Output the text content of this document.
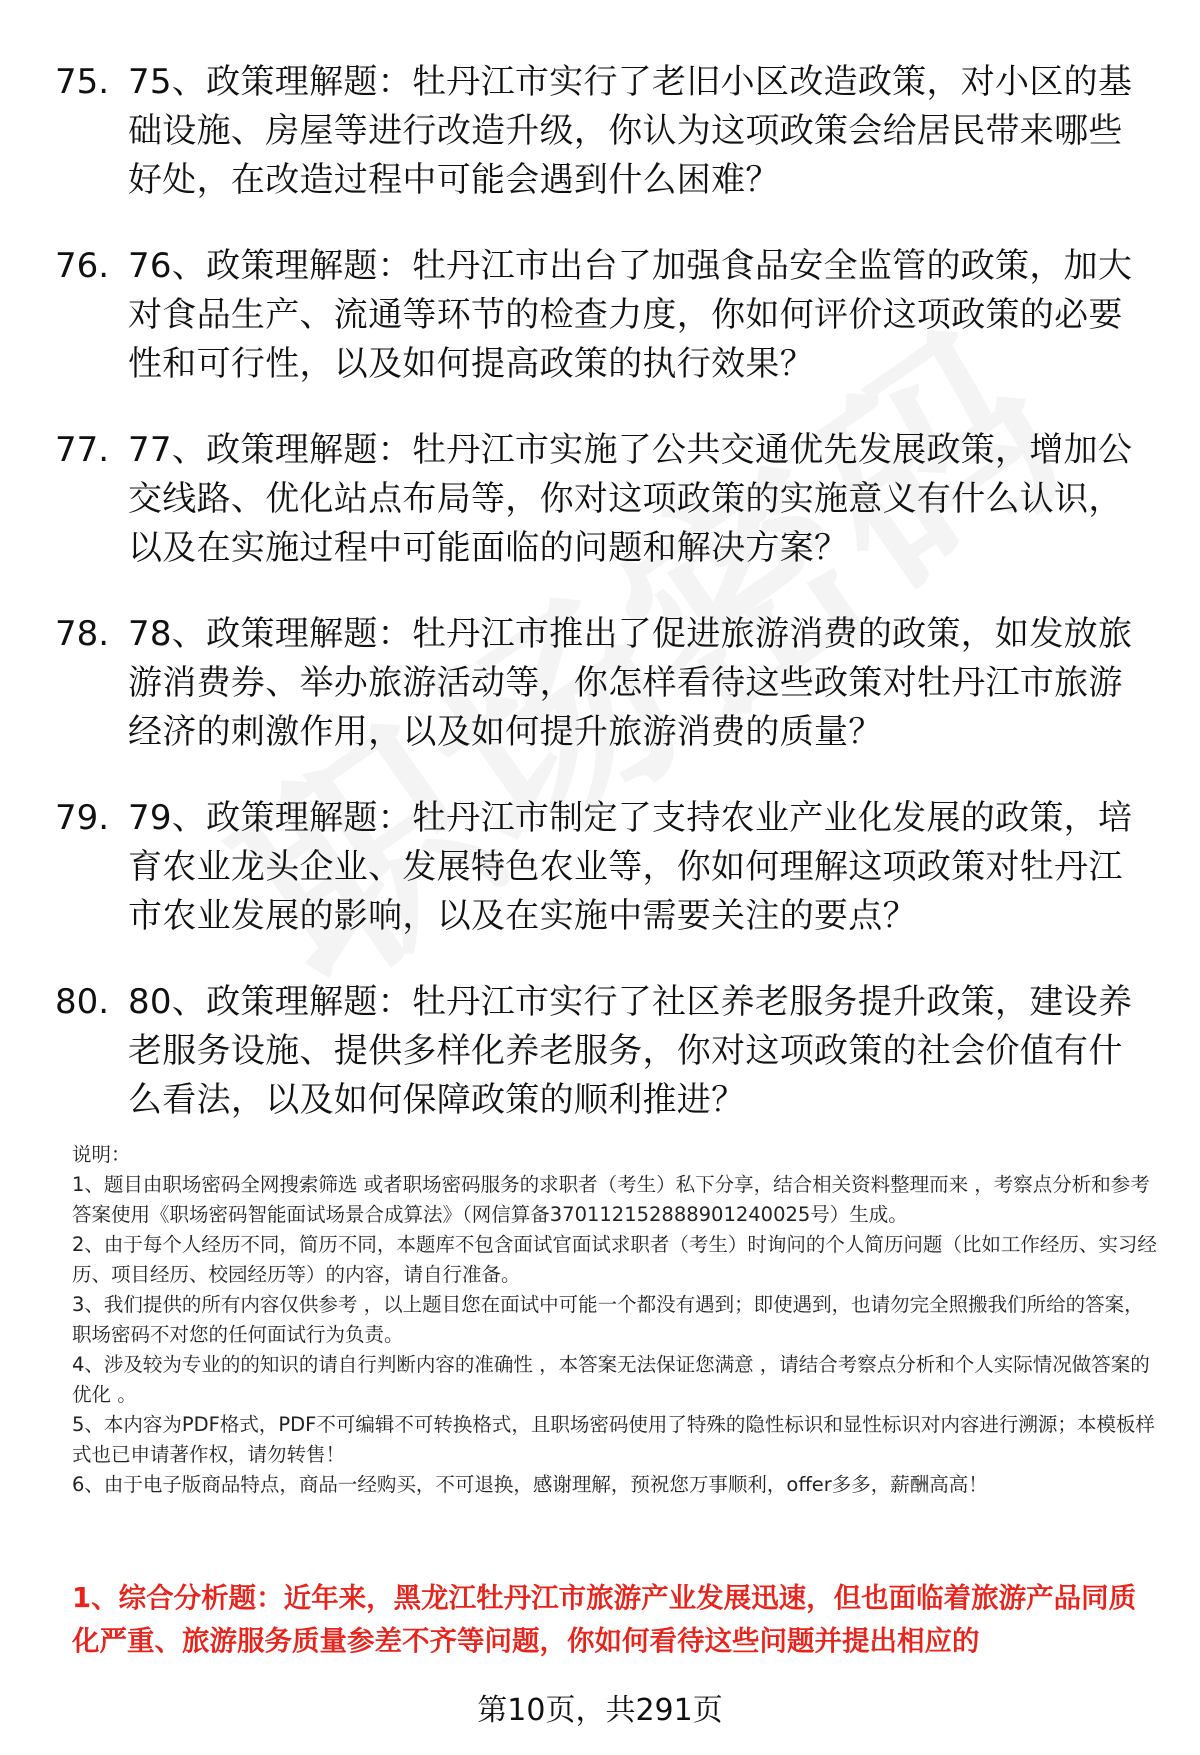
75. 75、政策理解题：牡丹江市实行了老旧小区改造政策，对小区的基础设施、房屋等进行改造升级，你认为这项政策会给居民带来哪些好处，在改造过程中可能会遇到什么困难？
76. 76、政策理解题：牡丹江市出台了加强食品安全监管的政策，加大对食品生产、流通等环节的检查力度，你如何评价这项政策的必要性和可行性，以及如何提高政策的执行效果？
77. 77、政策理解题：牡丹江市实施了公共交通优先发展政策，增加公交线路、优化站点布局等，你对这项政策的实施意义有什么认识，以及在实施过程中可能面临的问题和解决方案？
78. 78、政策理解题：牡丹江市推出了促进旅游消费的政策，如发放旅游消费券、举办旅游活动等，你怎样看待这些政策对牡丹江市旅游经济的刺激作用，以及如何提升旅游消费的质量？
79. 79、政策理解题：牡丹江市制定了支持农业产业化发展的政策，培育农业龙头企业、发展特色农业等，你如何理解这项政策对牡丹江市农业发展的影响，以及在实施中需要关注的要点？
80. 80、政策理解题：牡丹江市实行了社区养老服务提升政策，建设养老服务设施、提供多样化养老服务，你对这项政策的社会价值有什么看法，以及如何保障政策的顺利推进？

说明：

1、题目由职场密码全网搜索筛选 或者职场密码服务的求职者（考生）私下分享，结合相关资料整理而来 ，考察点分析和参考答案使用《职场密码智能面试场景合成算法》（网信算备370112152888901240025号）生成。

2、由于每个人经历不同，简历不同，本题库不包含面试官面试求职者（考生）时询问的个人简历问题（比如工作经历、实习经历、项目经历、校园经历等）的内容，请自行准备。

3、我们提供的所有内容仅供参考 ，以上题目您在面试中可能一个都没有遇到；即使遇到，也请勿完全照搬我们所给的答案，职场密码不对您的任何面试行为负责。

4、涉及较为专业的的知识的请自行判断内容的准确性 ，本答案无法保证您满意 ，请结合考察点分析和个人实际情况做答案的优化 。

5、本内容为PDF格式，PDF不可编辑不可转换格式，且职场密码使用了特殊的隐性标识和显性标识对内容进行溯源；本模板样式也已申请著作权，请勿转售！

6、由于电子版商品特点，商品一经购买，不可退换，感谢理解，预祝您万事顺利，offer多多，薪酬高高！

1、综合分析题：近年来，黑龙江牡丹江市旅游产业发展迅速，但也面临着旅游产品同质化严重、旅游服务质量参差不齐等问题，你如何看待这些问题并提出相应的
第10页，共291页
